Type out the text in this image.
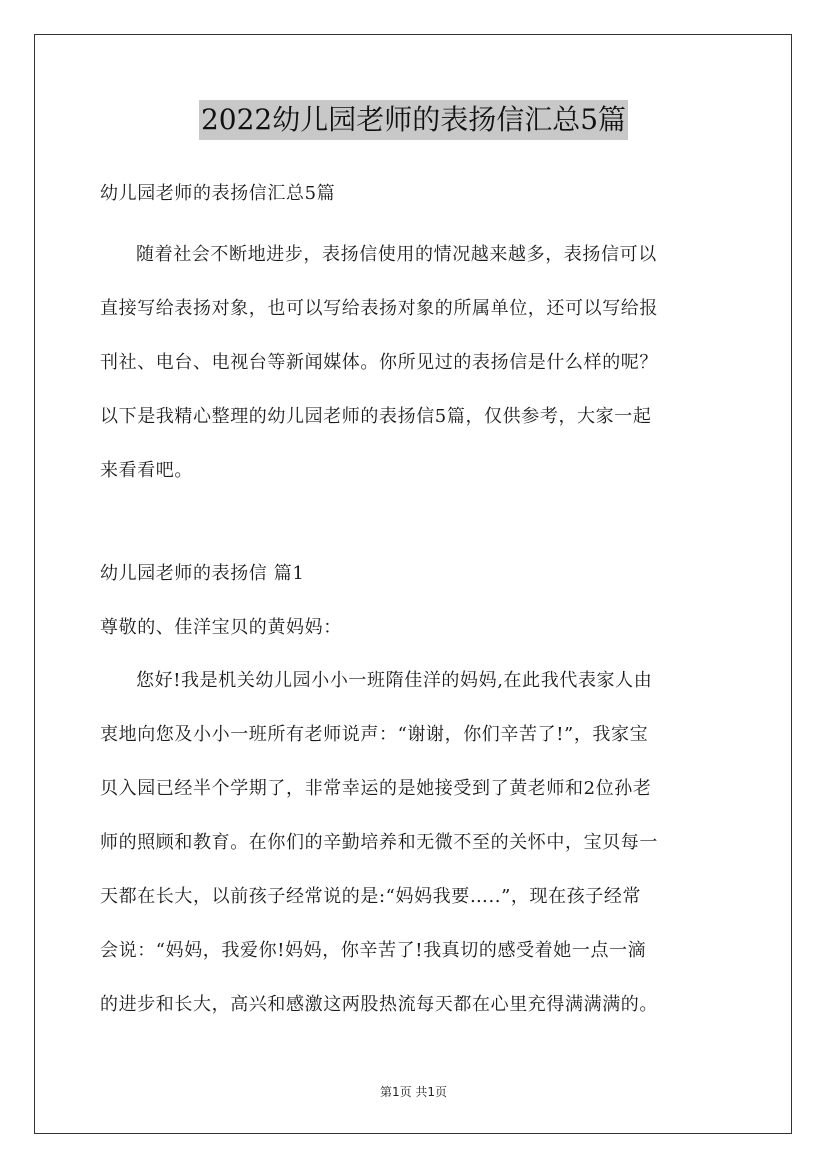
2022幼儿园老师的表扬信汇总5篇

幼儿园老师的表扬信汇总5篇

随着社会不断地进步，表扬信使用的情况越来越多，表扬信可以

直接写给表扬对象，也可以写给表扬对象的所属单位，还可以写给报

刊社、电台、电视台等新闻媒体。你所见过的表扬信是什么样的呢？

以下是我精心整理的幼儿园老师的表扬信5篇，仅供参考，大家一起

来看看吧。

幼儿园老师的表扬信 篇1

尊敬的、佳洋宝贝的黄妈妈：

您好!我是机关幼儿园小小一班隋佳洋的妈妈,在此我代表家人由

衷地向您及小小一班所有老师说声：“谢谢，你们辛苦了!”，我家宝

贝入园已经半个学期了，非常幸运的是她接受到了黄老师和2位孙老

师的照顾和教育。在你们的辛勤培养和无微不至的关怀中，宝贝每一

天都在长大，以前孩子经常说的是:“妈妈我要…..”，现在孩子经常

会说：“妈妈，我爱你!妈妈，你辛苦了!我真切的感受着她一点一滴

的进步和长大，高兴和感激这两股热流每天都在心里充得满满满的。

第1页 共1页
